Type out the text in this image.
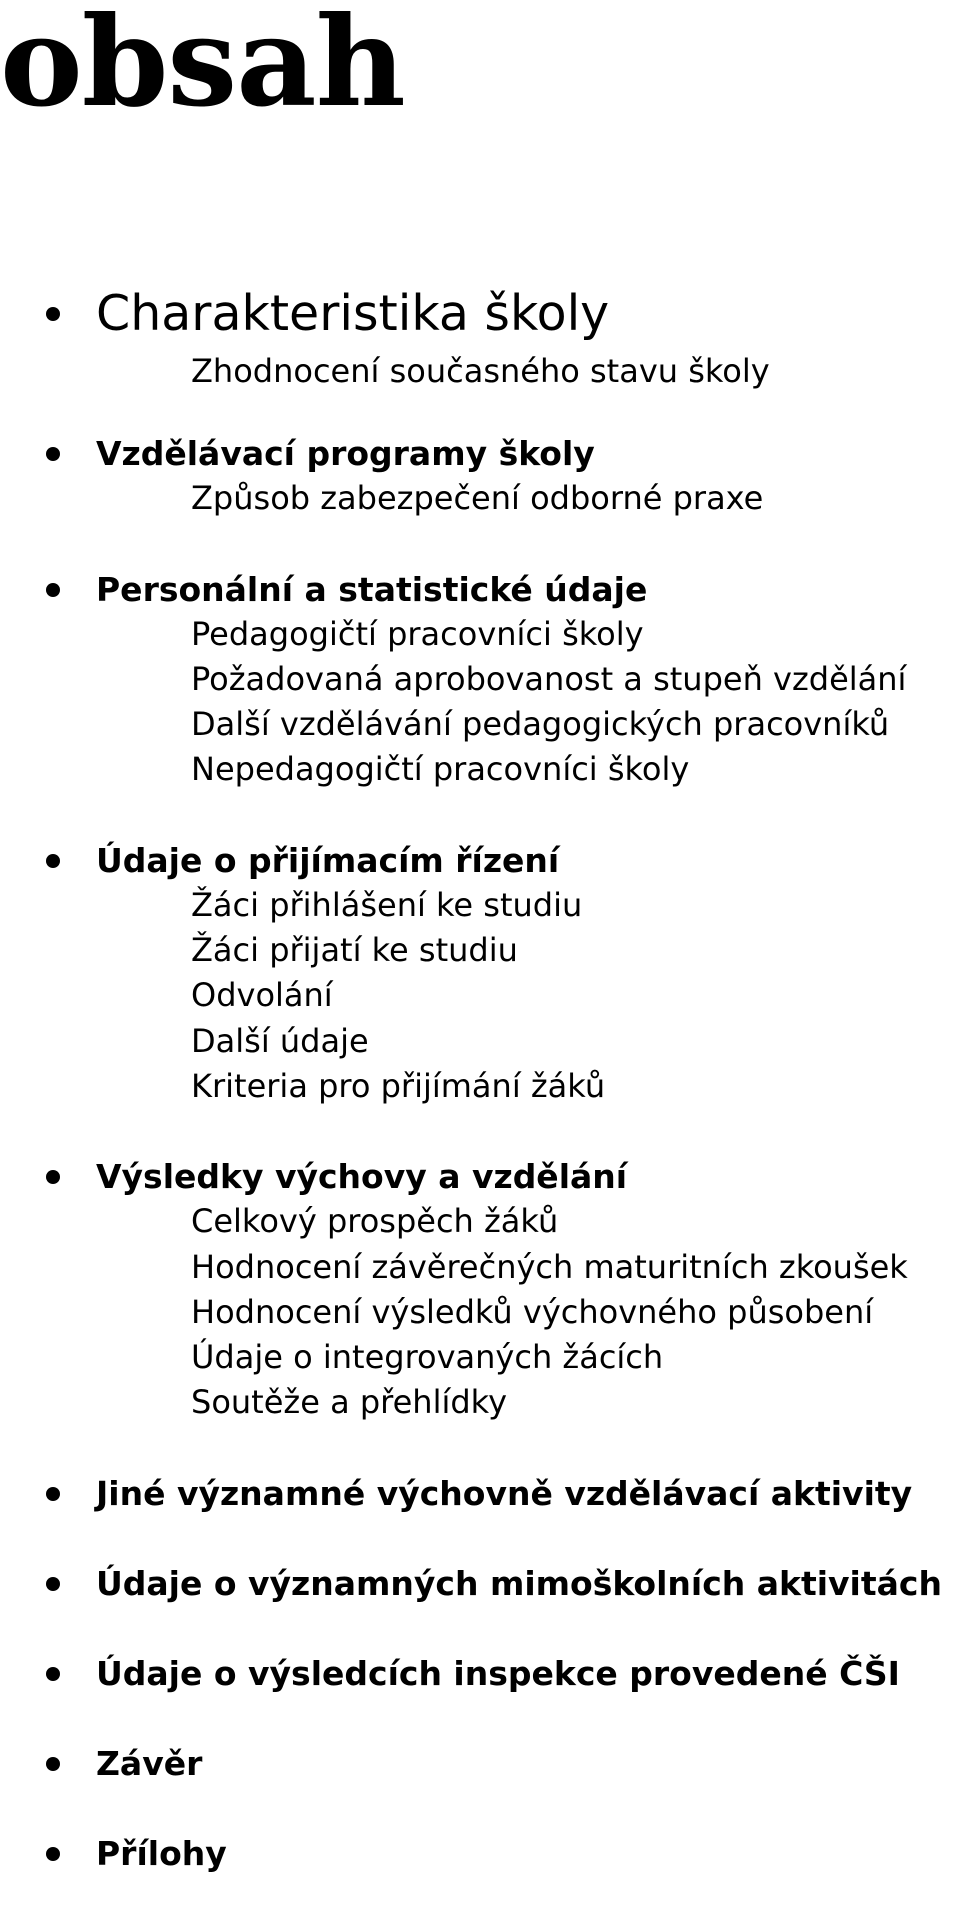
obsah
Charakteristika školy
Zhodnocení současného stavu školy
Vzdělávací programy školy
Způsob zabezpečení odborné praxe
Personální a statistické údaje
Pedagogičtí pracovníci školy
Požadovaná aprobovanost a stupeň vzdělání
Další vzdělávání pedagogických pracovníků
Nepedagogičtí pracovníci školy
Údaje o přijímacím řízení
Žáci přihlášení ke studiu
Žáci přijatí ke studiu
Odvolání
Další údaje
Kriteria pro přijímání žáků
Výsledky výchovy a vzdělání
Celkový prospěch žáků
Hodnocení závěrečných maturitních zkoušek
Hodnocení výsledků výchovného působení
Údaje o integrovaných žácích
Soutěže a přehlídky
Jiné významné výchovně vzdělávací aktivity
Údaje o významných mimoškolních aktivitách
Údaje o výsledcích inspekce provedené ČŠI
Závěr
Přílohy
